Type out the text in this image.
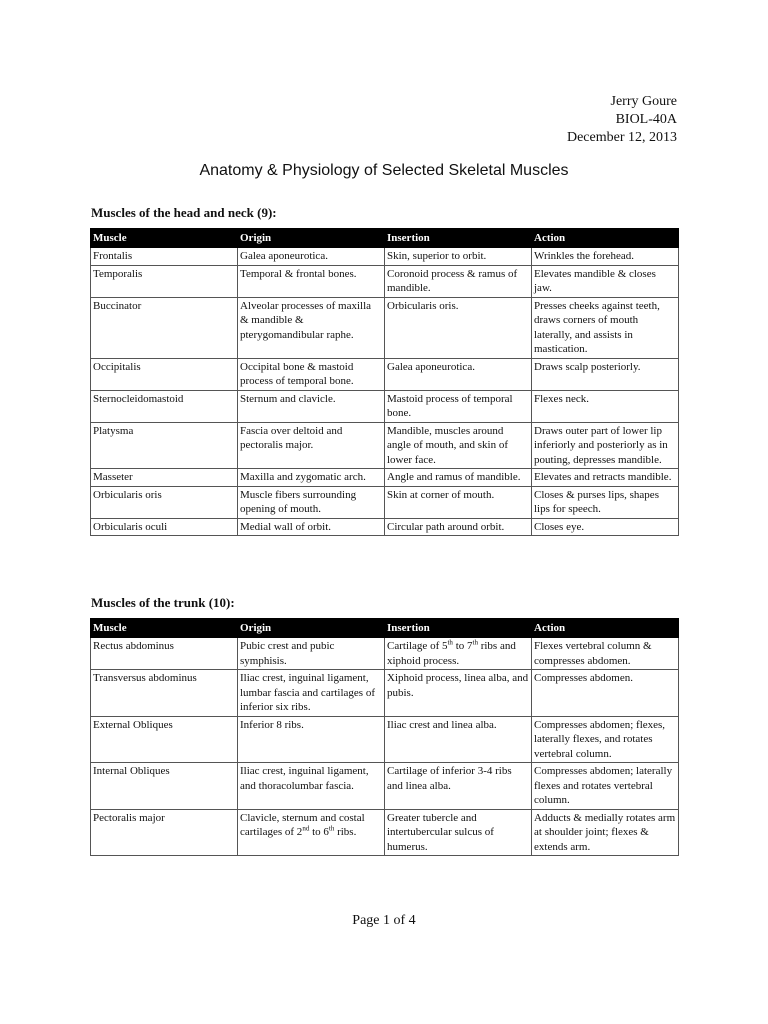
Jerry Goure
BIOL-40A
December 12, 2013
Anatomy & Physiology of Selected Skeletal Muscles
Muscles of the head and neck (9):
Muscle	Origin	Insertion	Action
Frontalis	Galea aponeurotica.	Skin, superior to orbit.	Wrinkles the forehead.
Temporalis	Temporal & frontal bones.	Coronoid process & ramus of mandible.	Elevates mandible & closes jaw.
Buccinator	Alveolar processes of maxilla & mandible & pterygomandibular raphe.	Orbicularis oris.	Presses cheeks against teeth, draws corners of mouth laterally, and assists in mastication.
Occipitalis	Occipital bone & mastoid process of temporal bone.	Galea aponeurotica.	Draws scalp posteriorly.
Sternocleidomastoid	Sternum and clavicle.	Mastoid process of temporal bone.	Flexes neck.
Platysma	Fascia over deltoid and pectoralis major.	Mandible, muscles around angle of mouth, and skin of lower face.	Draws outer part of lower lip inferiorly and posteriorly as in pouting, depresses mandible.
Masseter	Maxilla and zygomatic arch.	Angle and ramus of mandible.	Elevates and retracts mandible.
Orbicularis oris	Muscle fibers surrounding opening of mouth.	Skin at corner of mouth.	Closes & purses lips, shapes lips for speech.
Orbicularis oculi	Medial wall of orbit.	Circular path around orbit.	Closes eye.
Muscles of the trunk (10):
Muscle	Origin	Insertion	Action
Rectus abdominus	Pubic crest and pubic symphisis.	Cartilage of 5th to 7th ribs and xiphoid process.	Flexes vertebral column & compresses abdomen.
Transversus abdominus	Iliac crest, inguinal ligament, lumbar fascia and cartilages of inferior six ribs.	Xiphoid process, linea alba, and pubis.	Compresses abdomen.
External Obliques	Inferior 8 ribs.	Iliac crest and linea alba.	Compresses abdomen; flexes, laterally flexes, and rotates vertebral column.
Internal Obliques	Iliac crest, inguinal ligament, and thoracolumbar fascia.	Cartilage of inferior 3-4 ribs and linea alba.	Compresses abdomen; laterally flexes and rotates vertebral column.
Pectoralis major	Clavicle, sternum and costal cartilages of 2nd to 6th ribs.	Greater tubercle and intertubercular sulcus of humerus.	Adducts & medially rotates arm at shoulder joint; flexes & extends arm.
Page 1 of 4
